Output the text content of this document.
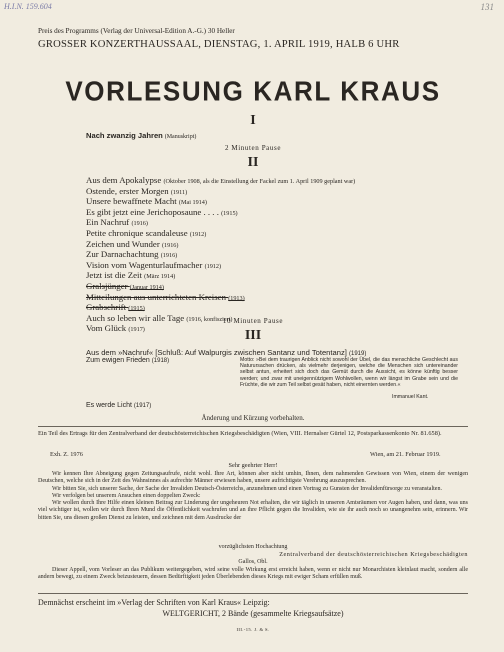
H.I.N. 159.604	131
Preis des Programms (Verlag der Universal-Edition A.-G.) 30 Heller
GROSSER KONZERTHAUSSAAL, DIENSTAG, 1. APRIL 1919, HALB 6 UHR
VORLESUNG KARL KRAUS
I
Nach zwanzig Jahren (Manuskript)
2 Minuten Pause
II
Aus dem Apokalypse (Oktober 1908, als die Einstellung der Fackel zum 1. April 1909 geplant war)
Ostende, erster Morgen (1911)
Unsere bewaffnete Macht (Mai 1914)
Es gibt jetzt eine Jerichoposaune . . . . (1915)
Ein Nachruf (1916)
Petite chronique scandaleuse (1912)
Zeichen und Wunder (1916)
Zur Darnachachtung (1916)
Vision vom Wagenturlaufmacher (1912)
Jetzt ist die Zeit (März 1914)
Gralsjünger (Januar 1914)
Mitteilungen aus unterrichteten Kreisen (1913)
Grabschrift (1915)
Auch so leben wir alle Tage (1916, konfisziert)
Vom Glück (1917)
10 Minuten Pause
III
Aus dem »Nachruf« [Schluß: Auf Walpurgis zwischen Santanz und Totentanz] (1919)
Zum ewigen Frieden (1918)	Motto: »Bei dem traurigen Anblick nicht sowohl der Übel, die das menschliche Geschlecht aus Naturursachen drücken, als vielmehr derjenigen, welche die Menschen sich untereinander selbst antun, erheitert sich doch das Gemüt durch die Aussicht, es könne künftig besser werden; und zwar mit uneigennützigem Wohlwollen, wenn wir längst im Grabe sein und die Früchte, die wir zum Teil selbst gesät haben, nicht einernten werden.«
Immanuel Kant.
Es werde Licht (1917)
Änderung und Kürzung vorbehalten.
Ein Teil des Ertrags für den Zentralverband der deutschösterreichischen Kriegsbeschädigten (Wien, VIII. Hernalser Gürtel 12, Postsparkassenkonto Nr. 81.658).
Exh. Z. 1976	Wien, am 21. Februar 1919.
Sehr geehrter Herr!

Wir kennen Ihre Abneigung gegen Zeitungsaufrufe, nicht wohl. Ihre Art, können aber nicht umhin, Ihnen, dem nahmenden Gewissen von Wien, einem der wenigen Deutschen, welche sich in der Zeit des Wahnsinnes als aufrechte Männer erwiesen haben, unsere aufrichtigste Verehrung auszusprechen.

Wir bitten Sie, sich unserer Sache, der Sache der Invaliden Deutsch-Österreichs, anzunehmen und einen Vortrag zu Gunsten der Invalidenfürsorge zu veranstalten.

Wir verfolgen bei unserem Ansuchen einen doppelten Zweck:

Wir wollen durch Ihre Hilfe einen kleinen Beitrag zur Linderung der ungeheuren Not erhalten, die wir täglich in unseren Amtsräumen vor Augen haben, und dann, was uns viel wichtiger ist, wollen wir durch Ihren Mund die Öffentlichkeit wachrufen und an ihre Pflicht gegen die Invaliden, wie sie ihr auch noch so unangenehm sein, erinnern. Wir bitten Sie, uns diesen großen Dienst zu leisten, und zeichnen mit dem Ausdrucke der

vorzüglichsten Hochachtung
Zentralverband der deutschösterreichischen Kriegsbeschädigten
Gallos, Obl.
Dieser Appell, vom Vorleser an das Publikum weitergegeben, wird seine volle Wirkung erst erreicht haben, wenn er nicht nur Monarchisten kleinlaut macht, sondern alle andern bewegt, zu einem Zweck beizusteuern, dessen Bedürftigkeit jeden Überlebenden dieses Kriegs mit ewiger Scham erfüllen muß.
Demnächst erscheint im »Verlag der Schriften von Karl Kraus« Leipzig:
WELTGERICHT, 2 Bände (gesammelte Kriegsaufsätze)
III.-15. J. & S.
